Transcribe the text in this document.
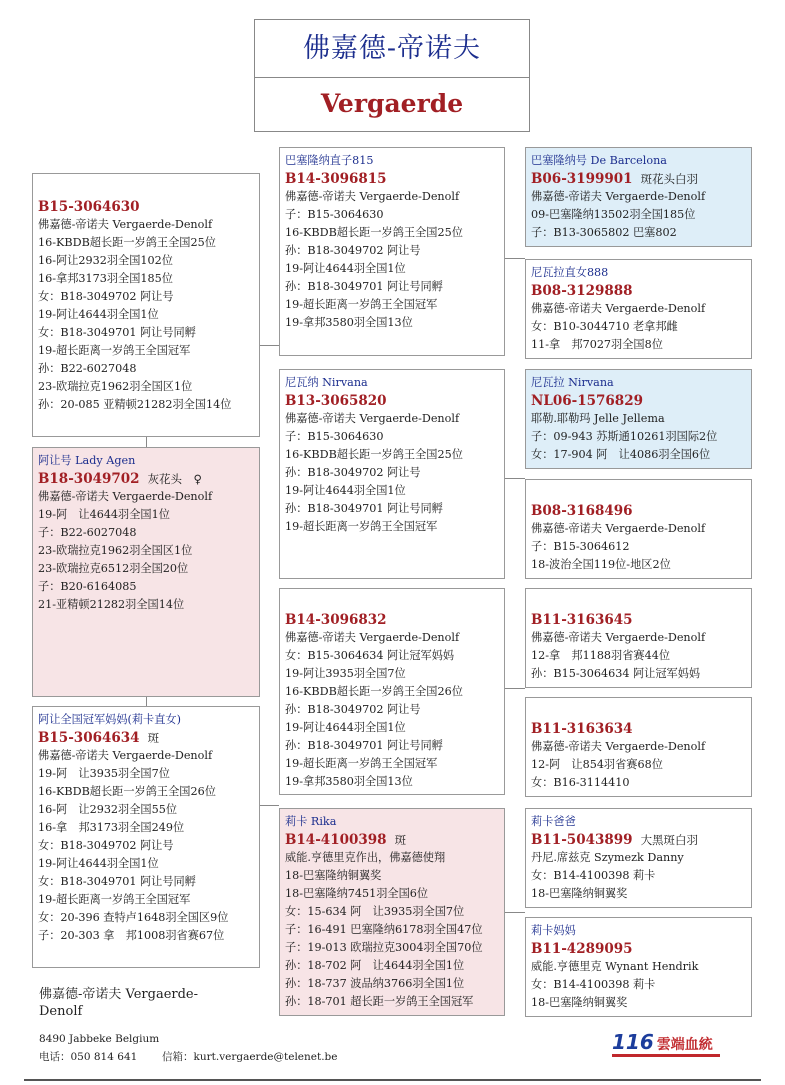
佛嘉德-帝诺夫
Vergaerde
B15-3064630
佛嘉德-帝诺夫 Vergaerde-Denolf
16-KBDB超长距一岁鸽王全国25位
16-阿让2932羽全国102位
16-拿邦3173羽全国185位
女：B18-3049702 阿让号
19-阿让4644羽全国1位
女：B18-3049701 阿让号同孵
19-超长距离一岁鸽王全国冠军
孙：B22-6027048
23-欧瑞拉克1962羽全国区1位
孙：20-085 亚精顿21282羽全国14位
阿让号 Lady Agen
B18-3049702 灰花头　♀
佛嘉德-帝诺夫 Vergaerde-Denolf
19-阿　让4644羽全国1位
子：B22-6027048
23-欧瑞拉克1962羽全国区1位
23-欧瑞拉克6512羽全国20位
子：B20-6164085
21-亚精顿21282羽全国14位
阿让全国冠军妈妈(莉卡直女)
B15-3064634 斑
佛嘉德-帝诺夫 Vergaerde-Denolf
19-阿　让3935羽全国7位
16-KBDB超长距一岁鸽王全国26位
16-阿　让2932羽全国55位
16-拿　邦3173羽全国249位
女：B18-3049702 阿让号
19-阿让4644羽全国1位
女：B18-3049701 阿让号同孵
19-超长距离一岁鸽王全国冠军
女：20-396 查特卢1648羽全国区9位
子：20-303 拿　邦1008羽省赛67位
巴塞隆纳直子815
B14-3096815
佛嘉德-帝诺夫 Vergaerde-Denolf
子：B15-3064630
16-KBDB超长距一岁鸽王全国25位
孙：B18-3049702 阿让号
19-阿让4644羽全国1位
孙：B18-3049701 阿让号同孵
19-超长距离一岁鸽王全国冠军
19-拿邦3580羽全国13位
尼瓦纳 Nirvana
B13-3065820
佛嘉德-帝诺夫 Vergaerde-Denolf
子：B15-3064630
16-KBDB超长距一岁鸽王全国25位
孙：B18-3049702 阿让号
19-阿让4644羽全国1位
孙：B18-3049701 阿让号同孵
19-超长距离一岁鸽王全国冠军
B14-3096832
佛嘉德-帝诺夫 Vergaerde-Denolf
女：B15-3064634 阿让冠军妈妈
19-阿让3935羽全国7位
16-KBDB超长距一岁鸽王全国26位
孙：B18-3049702 阿让号
19-阿让4644羽全国1位
孙：B18-3049701 阿让号同孵
19-超长距离一岁鸽王全国冠军
19-拿邦3580羽全国13位
莉卡 Rika
B14-4100398 斑
威能.亨德里克作出，佛嘉德使翔
18-巴塞隆纳铜翼奖
18-巴塞隆纳7451羽全国6位
女：15-634 阿　让3935羽全国7位
子：16-491 巴塞隆纳6178羽全国47位
子：19-013 欧瑞拉克3004羽全国70位
孙：18-702 阿　让4644羽全国1位
孙：18-737 波品纳3766羽全国1位
孙：18-701 超长距一岁鸽王全国冠军
巴塞隆纳号 De Barcelona
B06-3199901 斑花头白羽
佛嘉德-帝诺夫 Vergaerde-Denolf
09-巴塞隆纳13502羽全国185位
子：B13-3065802 巴塞802
尼瓦拉直女888
B08-3129888
佛嘉德-帝诺夫 Vergaerde-Denolf
女：B10-3044710 老拿邦雌
11-拿　邦7027羽全国8位
尼瓦拉 Nirvana
NL06-1576829
耶勒.耶勒玛 Jelle Jellema
子：09-943 苏斯通10261羽国际2位
女：17-904 阿　让4086羽全国6位
B08-3168496
佛嘉德-帝诺夫 Vergaerde-Denolf
子：B15-3064612
18-波治全国119位-地区2位
B11-3163645
佛嘉德-帝诺夫 Vergaerde-Denolf
12-拿　邦1188羽省赛44位
孙：B15-3064634 阿让冠军妈妈
B11-3163634
佛嘉德-帝诺夫 Vergaerde-Denolf
12-阿　让854羽省赛68位
女：B16-3114410
莉卡爸爸
B11-5043899 大黑斑白羽
丹尼.席兹克 Szymezk Danny
女：B14-4100398 莉卡
18-巴塞隆纳铜翼奖
莉卡妈妈
B11-4289095
威能.亨德里克 Wynant Hendrik
女：B14-4100398 莉卡
18-巴塞隆纳铜翼奖
佛嘉德-帝诺夫 Vergaerde-Denolf
8490 Jabbeke Belgium
电话：050 814 641 信箱：kurt.vergaerde@telenet.be
116 雲端血統
